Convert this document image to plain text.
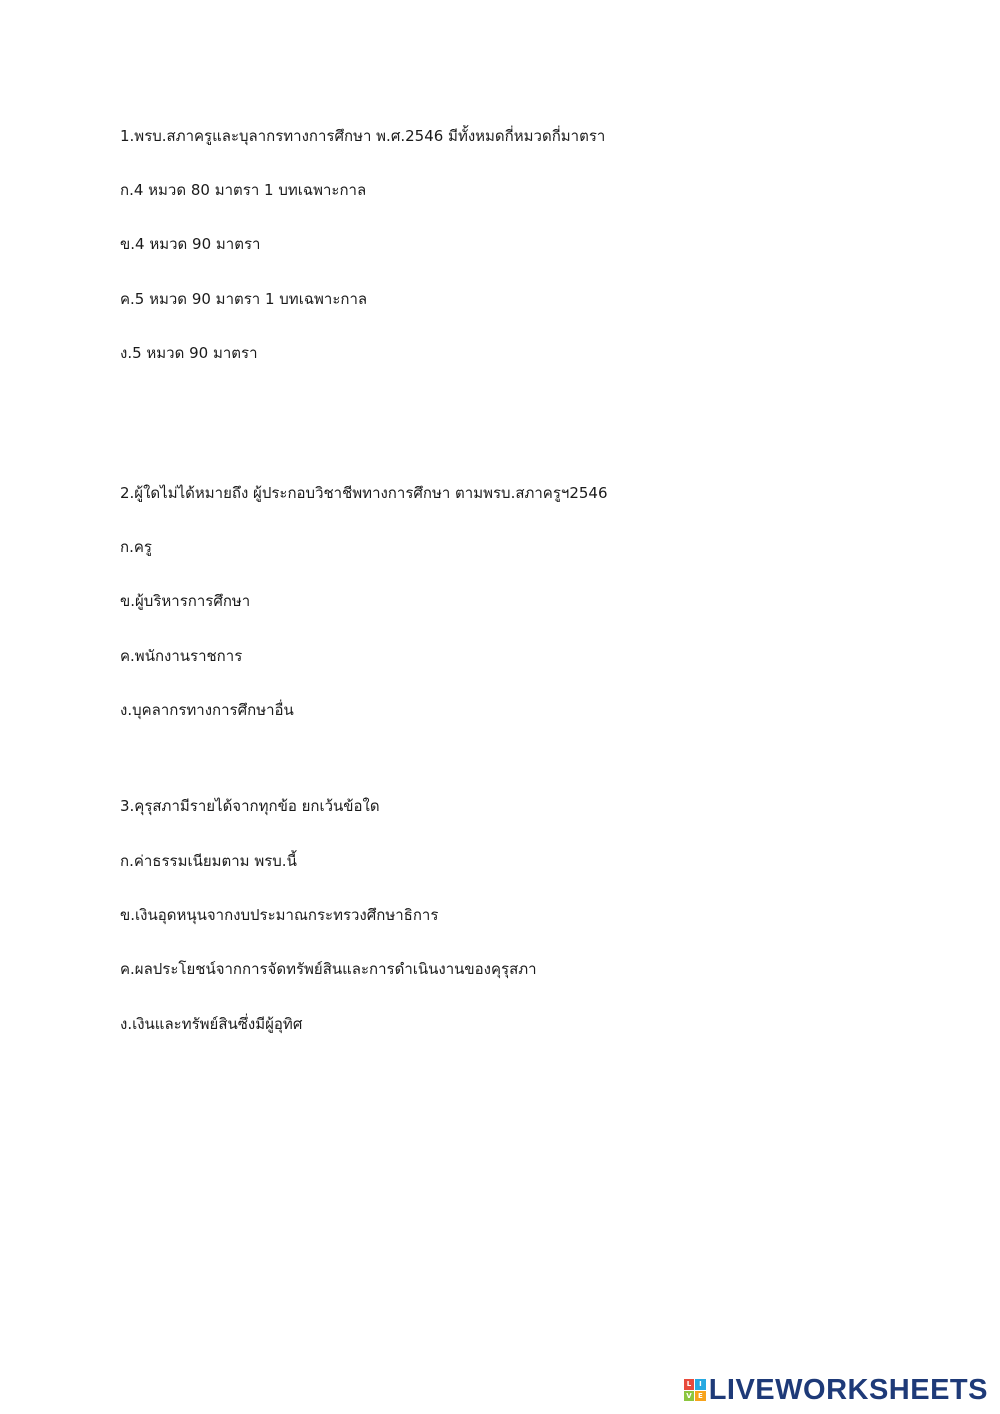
1.พรบ.สภาครูและบุลากรทางการศึกษา พ.ศ.2546 มีทั้งหมดกี่หมวดกี่มาตรา
ก.4 หมวด 80 มาตรา 1 บทเฉพาะกาล
ข.4 หมวด 90 มาตรา
ค.5 หมวด 90 มาตรา 1 บทเฉพาะกาล
ง.5 หมวด 90 มาตรา
2.ผู้ใดไม่ได้หมายถึง ผู้ประกอบวิชาชีพทางการศึกษา ตามพรบ.สภาครูฯ2546
ก.ครู
ข.ผู้บริหารการศึกษา
ค.พนักงานราชการ
ง.บุคลากรทางการศึกษาอื่น
3.คุรุสภามีรายได้จากทุกข้อ ยกเว้นข้อใด
ก.ค่าธรรมเนียมตาม พรบ.นี้
ข.เงินอุดหนุนจากงบประมาณกระทรวงศึกษาธิการ
ค.ผลประโยชน์จากการจัดทรัพย์สินและการดำเนินงานของคุรุสภา
ง.เงินและทรัพย์สินซึ่งมีผู้อุทิศ
L	I
V E LIVEWORKSHEETS
